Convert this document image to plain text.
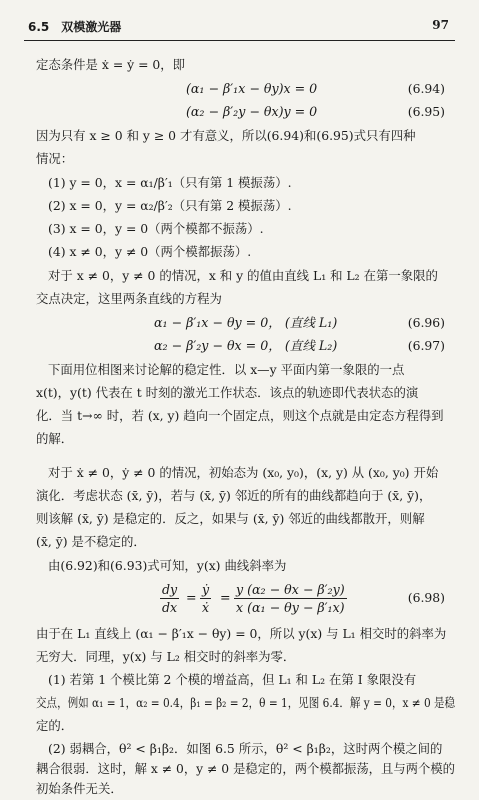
6.5　双模激光器	97
定态条件是 ẋ = ẏ = 0，即
(α₁ − β′₁x − θy)x = 0	(6.94)
(α₂ − β′₂y − θx)y = 0	(6.95)
因为只有 x ≥ 0 和 y ≥ 0 才有意义，所以(6.94)和(6.95)式只有四种
情况：
(1) y = 0，x = α₁/β′₁（只有第 1 模振荡）.
(2) x = 0，y = α₂/β′₂（只有第 2 模振荡）.
(3) x = 0，y = 0（两个模都不振荡）.
(4) x ≠ 0，y ≠ 0（两个模都振荡）.
对于 x ≠ 0，y ≠ 0 的情况，x 和 y 的值由直线 L₁ 和 L₂ 在第一象限的
交点决定，这里两条直线的方程为
α₁ − β′₁x − θy = 0， (直线 L₁)	(6.96)
α₂ − β′₂y − θx = 0， (直线 L₂)	(6.97)
下面用位相图来讨论解的稳定性．以 x—y 平面内第一象限的一点
x(t)，y(t) 代表在 t 时刻的激光工作状态．该点的轨迹即代表状态的演
化．当 t→∞ 时，若 (x, y) 趋向一个固定点，则这个点就是由定态方程得到
的解．
对于 ẋ ≠ 0，ẏ ≠ 0 的情况，初始态为 (x₀, y₀)，(x, y) 从 (x₀, y₀) 开始
演化．考虑状态 (x̄, ȳ)，若与 (x̄, ȳ) 邻近的所有的曲线都趋向于 (x̄, ȳ)，
则该解 (x̄, ȳ) 是稳定的．反之，如果与 (x̄, ȳ) 邻近的曲线都散开，则解
(x̄, ȳ) 是不稳定的．
由(6.92)和(6.93)式可知，y(x) 曲线斜率为
$\frac{dy}{dx} = \frac{\text{ẏ}}{\text{ẋ}} = \frac{\text{y (α₂ − θx − β′₂y)}}{\text{x (α₁ − θy − β′₁x)}}$	(6.98)
由于在 L₁ 直线上 (α₁ − β′₁x − θy) = 0，所以 y(x) 与 L₁ 相交时的斜率为
无穷大．同理，y(x) 与 L₂ 相交时的斜率为零．
(1) 若第 1 个模比第 2 个模的增益高，但 L₁ 和 L₂ 在第 Ⅰ 象限没有
交点，例如 α₁ = 1，α₂ = 0.4，β₁ = β₂ = 2，θ = 1，见图 6.4．解 y = 0，x ≠ 0 是稳
定的．
(2) 弱耦合，θ² < β₁β₂．如图 6.5 所示，θ² < β₁β₂，这时两个模之间的
耦合很弱．这时，解 x ≠ 0，y ≠ 0 是稳定的，两个模都振荡，且与两个模的
初始条件无关．
